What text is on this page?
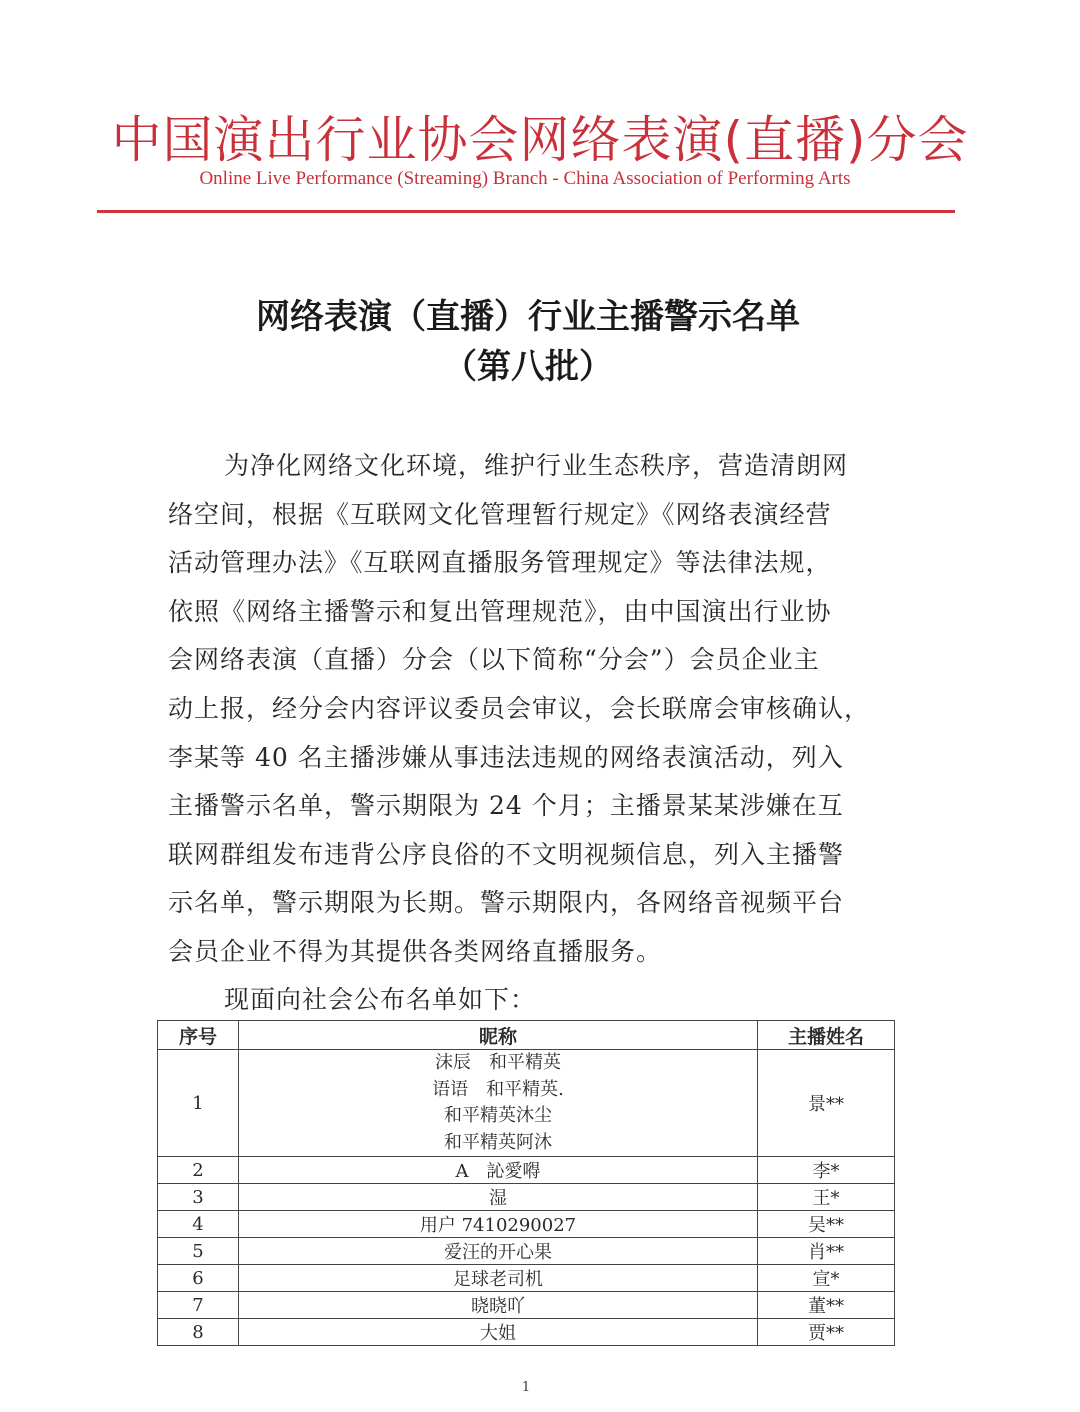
中国演出行业协会网络表演(直播)分会
Online Live Performance (Streaming) Branch - China Association of Performing Arts
网络表演（直播）行业主播警示名单
（第八批）
为净化网络文化环境，维护行业生态秩序，营造清朗网
络空间，根据《互联网文化管理暂行规定》《网络表演经营
活动管理办法》《互联网直播服务管理规定》等法律法规，
依照《网络主播警示和复出管理规范》，由中国演出行业协
会网络表演（直播）分会（以下简称“分会”）会员企业主
动上报，经分会内容评议委员会审议，会长联席会审核确认，
李某等 40 名主播涉嫌从事违法违规的网络表演活动，列入
主播警示名单，警示期限为 24 个月；主播景某某涉嫌在互
联网群组发布违背公序良俗的不文明视频信息，列入主播警
示名单，警示期限为长期。警示期限内，各网络音视频平台
会员企业不得为其提供各类网络直播服务。
现面向社会公布名单如下：
序号	昵称	主播姓名
1	沫辰　和平精英
语语　和平精英.
和平精英沐尘
和平精英阿沐	景**
2	A　訫愛嘚	李*
3	湿	王*
4	用户 7410290027	吴**
5	爱汪的开心果	肖**
6	足球老司机	宣*
7	晓晓吖	董**
8	大姐	贾**
1
